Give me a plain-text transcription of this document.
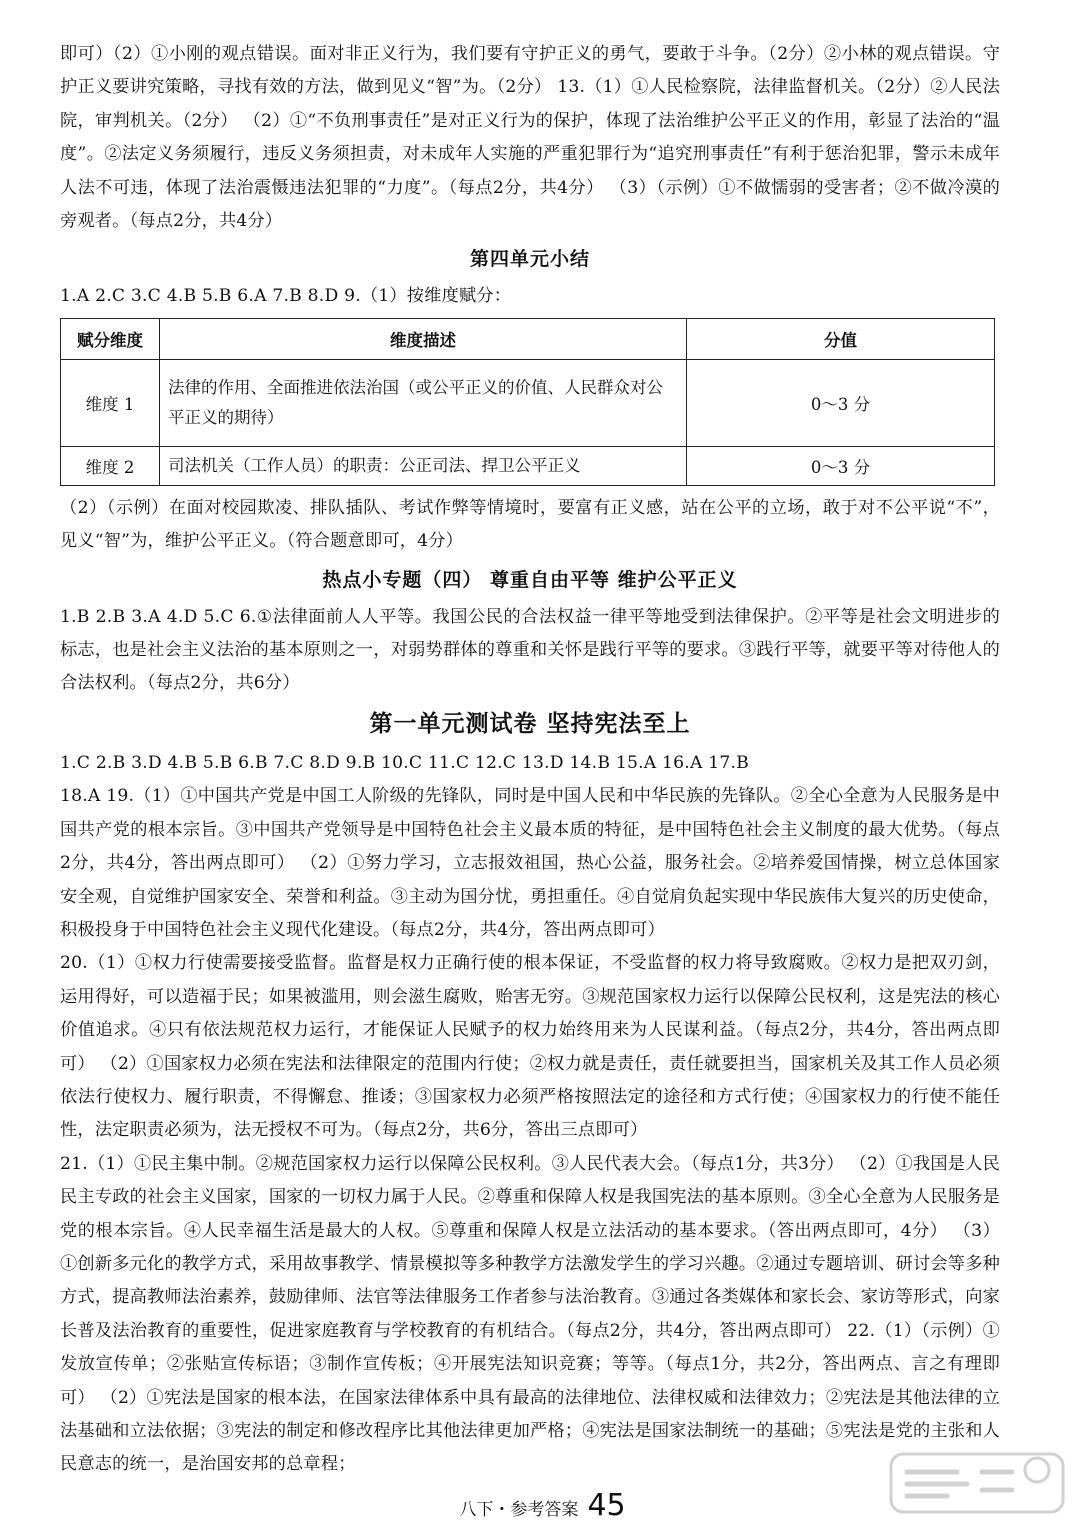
即可）（2）①小刚的观点错误。面对非正义行为，我们要有守护正义的勇气，要敢于斗争。（2分）②小林的观点错误。守护正义要讲究策略，寻找有效的方法，做到见义“智”为。（2分） 13.（1）①人民检察院，法律监督机关。（2分）②人民法院，审判机关。（2分） （2）①“不负刑事责任”是对正义行为的保护，体现了法治维护公平正义的作用，彰显了法治的“温度”。②法定义务须履行，违反义务须担责，对未成年人实施的严重犯罪行为“追究刑事责任”有利于惩治犯罪，警示未成年人法不可违，体现了法治震慑违法犯罪的“力度”。（每点2分，共4分） （3）（示例）①不做懦弱的受害者；②不做冷漠的旁观者。（每点2分，共4分）

第四单元小结

1.A 2.C 3.C 4.B 5.B 6.A 7.B 8.D 9.（1）按维度赋分：

赋分维度	维度描述	分值
维度 1	法律的作用、全面推进依法治国（或公平正义的价值、人民群众对公平正义的期待）	0～3 分
维度 2	司法机关（工作人员）的职责：公正司法、捍卫公平正义	0～3 分

（2）（示例）在面对校园欺凌、排队插队、考试作弊等情境时，要富有正义感，站在公平的立场，敢于对不公平说“不”，见义“智”为，维护公平正义。（符合题意即可，4分）

热点小专题（四） 尊重自由平等 维护公平正义

1.B 2.B 3.A 4.D 5.C 6.①法律面前人人平等。我国公民的合法权益一律平等地受到法律保护。②平等是社会文明进步的标志，也是社会主义法治的基本原则之一，对弱势群体的尊重和关怀是践行平等的要求。③践行平等，就要平等对待他人的合法权利。（每点2分，共6分）

第一单元测试卷 坚持宪法至上

1.C 2.B 3.D 4.B 5.B 6.B 7.C 8.D 9.B 10.C 11.C 12.C 13.D 14.B 15.A 16.A 17.B

18.A 19.（1）①中国共产党是中国工人阶级的先锋队，同时是中国人民和中华民族的先锋队。②全心全意为人民服务是中国共产党的根本宗旨。③中国共产党领导是中国特色社会主义最本质的特征，是中国特色社会主义制度的最大优势。（每点2分，共4分，答出两点即可） （2）①努力学习，立志报效祖国，热心公益，服务社会。②培养爱国情操，树立总体国家安全观，自觉维护国家安全、荣誉和利益。③主动为国分忧，勇担重任。④自觉肩负起实现中华民族伟大复兴的历史使命，积极投身于中国特色社会主义现代化建设。（每点2分，共4分，答出两点即可）

20.（1）①权力行使需要接受监督。监督是权力正确行使的根本保证，不受监督的权力将导致腐败。②权力是把双刃剑，运用得好，可以造福于民；如果被滥用，则会滋生腐败，贻害无穷。③规范国家权力运行以保障公民权利，这是宪法的核心价值追求。④只有依法规范权力运行，才能保证人民赋予的权力始终用来为人民谋利益。（每点2分，共4分，答出两点即可） （2）①国家权力必须在宪法和法律限定的范围内行使；②权力就是责任，责任就要担当，国家机关及其工作人员必须依法行使权力、履行职责，不得懈怠、推诿；③国家权力必须严格按照法定的途径和方式行使；④国家权力的行使不能任性，法定职责必须为，法无授权不可为。（每点2分，共6分，答出三点即可）

21.（1）①民主集中制。②规范国家权力运行以保障公民权利。③人民代表大会。（每点1分，共3分） （2）①我国是人民民主专政的社会主义国家，国家的一切权力属于人民。②尊重和保障人权是我国宪法的基本原则。③全心全意为人民服务是党的根本宗旨。④人民幸福生活是最大的人权。⑤尊重和保障人权是立法活动的基本要求。（答出两点即可，4分） （3）①创新多元化的教学方式，采用故事教学、情景模拟等多种教学方法激发学生的学习兴趣。②通过专题培训、研讨会等多种方式，提高教师法治素养，鼓励律师、法官等法律服务工作者参与法治教育。③通过各类媒体和家长会、家访等形式，向家长普及法治教育的重要性，促进家庭教育与学校教育的有机结合。（每点2分，共4分，答出两点即可） 22.（1）（示例）①发放宣传单；②张贴宣传标语；③制作宣传板；④开展宪法知识竞赛；等等。（每点1分，共2分，答出两点、言之有理即可） （2）①宪法是国家的根本法，在国家法律体系中具有最高的法律地位、法律权威和法律效力；②宪法是其他法律的立法基础和立法依据；③宪法的制定和修改程序比其他法律更加严格；④宪法是国家法制统一的基础；⑤宪法是党的主张和人民意志的统一，是治国安邦的总章程；

八下・参考答案 45
